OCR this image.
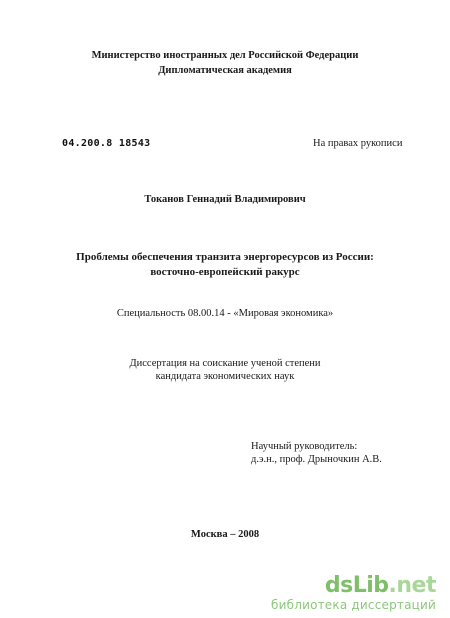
Министерство иностранных дел Российской Федерации
Дипломатическая академия
04.200.8 18543	На правах рукописи
Токанов Геннадий Владимирович
Проблемы обеспечения транзита энергоресурсов из России:
восточно-европейский ракурс
Специальность 08.00.14 - «Мировая экономика»
Диссертация на соискание ученой степени
кандидата экономических наук
Научный руководитель:
д.э.н., проф. Дрыночкин А.В.
Москва – 2008
dsLib.net
библиотека диссертаций
